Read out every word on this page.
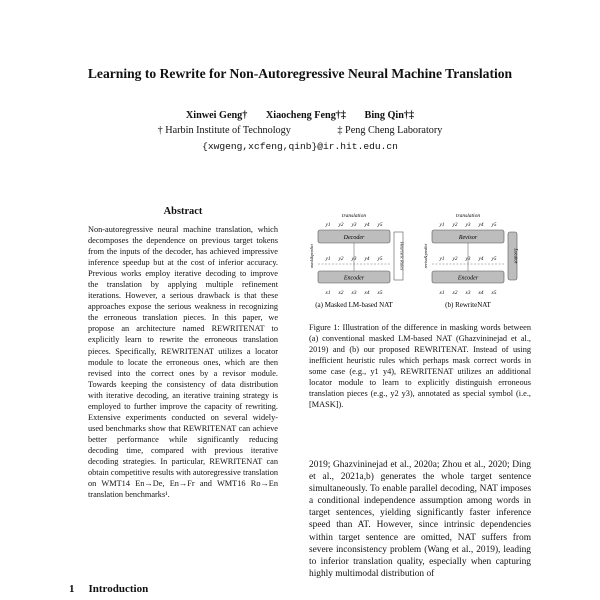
Learning to Rewrite for Non-Autoregressive Neural Machine Translation
Xinwei Geng† Xiaocheng Feng†‡ Bing Qin†‡
† Harbin Institute of Technology	‡ Peng Cheng Laboratory
{xwgeng,xcfeng,qinb}@ir.hit.edu.cn
Abstract
Non-autoregressive neural machine translation, which decomposes the dependence on previous target tokens from the inputs of the decoder, has achieved impressive inference speedup but at the cost of inferior accuracy. Previous works employ iterative decoding to improve the translation by applying multiple refinement iterations. However, a serious drawback is that these approaches expose the serious weakness in recognizing the erroneous translation pieces. In this paper, we propose an architecture named REWRITENAT to explicitly learn to rewrite the erroneous translation pieces. Specifically, REWRITENAT utilizes a locator module to locate the erroneous ones, which are then revised into the correct ones by a revisor module. Towards keeping the consistency of data distribution with iterative decoding, an iterative training strategy is employed to further improve the capacity of rewriting. Extensive experiments conducted on several widely-used benchmarks show that REWRITENAT can achieve better performance while significantly reducing decoding time, compared with previous iterative decoding strategies. In particular, REWRITENAT can obtain competitive results with autoregressive translation on WMT14 En→De, En→Fr and WMT16 Ro→En translation benchmarks¹.
1 Introduction
translation
y1 y2 y3 y4 y5
Decoder
y1 y2 y3 y4 y5
Encoder
x1 x2 x3 x4 x5
Heuristic Rules
mask&predict
(a) Masked LM-based NAT
translation
y1 y2 y3 y4 y5
Revisor
y1 y2 y3 y4 y5
Encoder
x1 x2 x3 x4 x5
Locator
revise&predict
(b) RewriteNAT
Figure 1: Illustration of the difference in masking words between (a) conventional masked LM-based NAT (Ghazvininejad et al., 2019) and (b) our proposed REWRITENAT. Instead of using inefficient heuristic rules which perhaps mask correct words in some case (e.g., y1 y4), REWRITENAT utilizes an additional locator module to learn to explicitly distinguish erroneous translation pieces (e.g., y2 y3), annotated as special symbol (i.e., [MASK]).
2019; Ghazvininejad et al., 2020a; Zhou et al., 2020; Ding et al., 2021a,b) generates the whole target sentence simultaneously. To enable parallel decoding, NAT imposes a conditional independence assumption among words in target sentences, yielding significantly faster inference speed than AT. However, since intrinsic dependencies within target sentence are omitted, NAT suffers from severe inconsistency problem (Wang et al., 2019), leading to inferior translation quality, especially when capturing highly multimodal distribution of
